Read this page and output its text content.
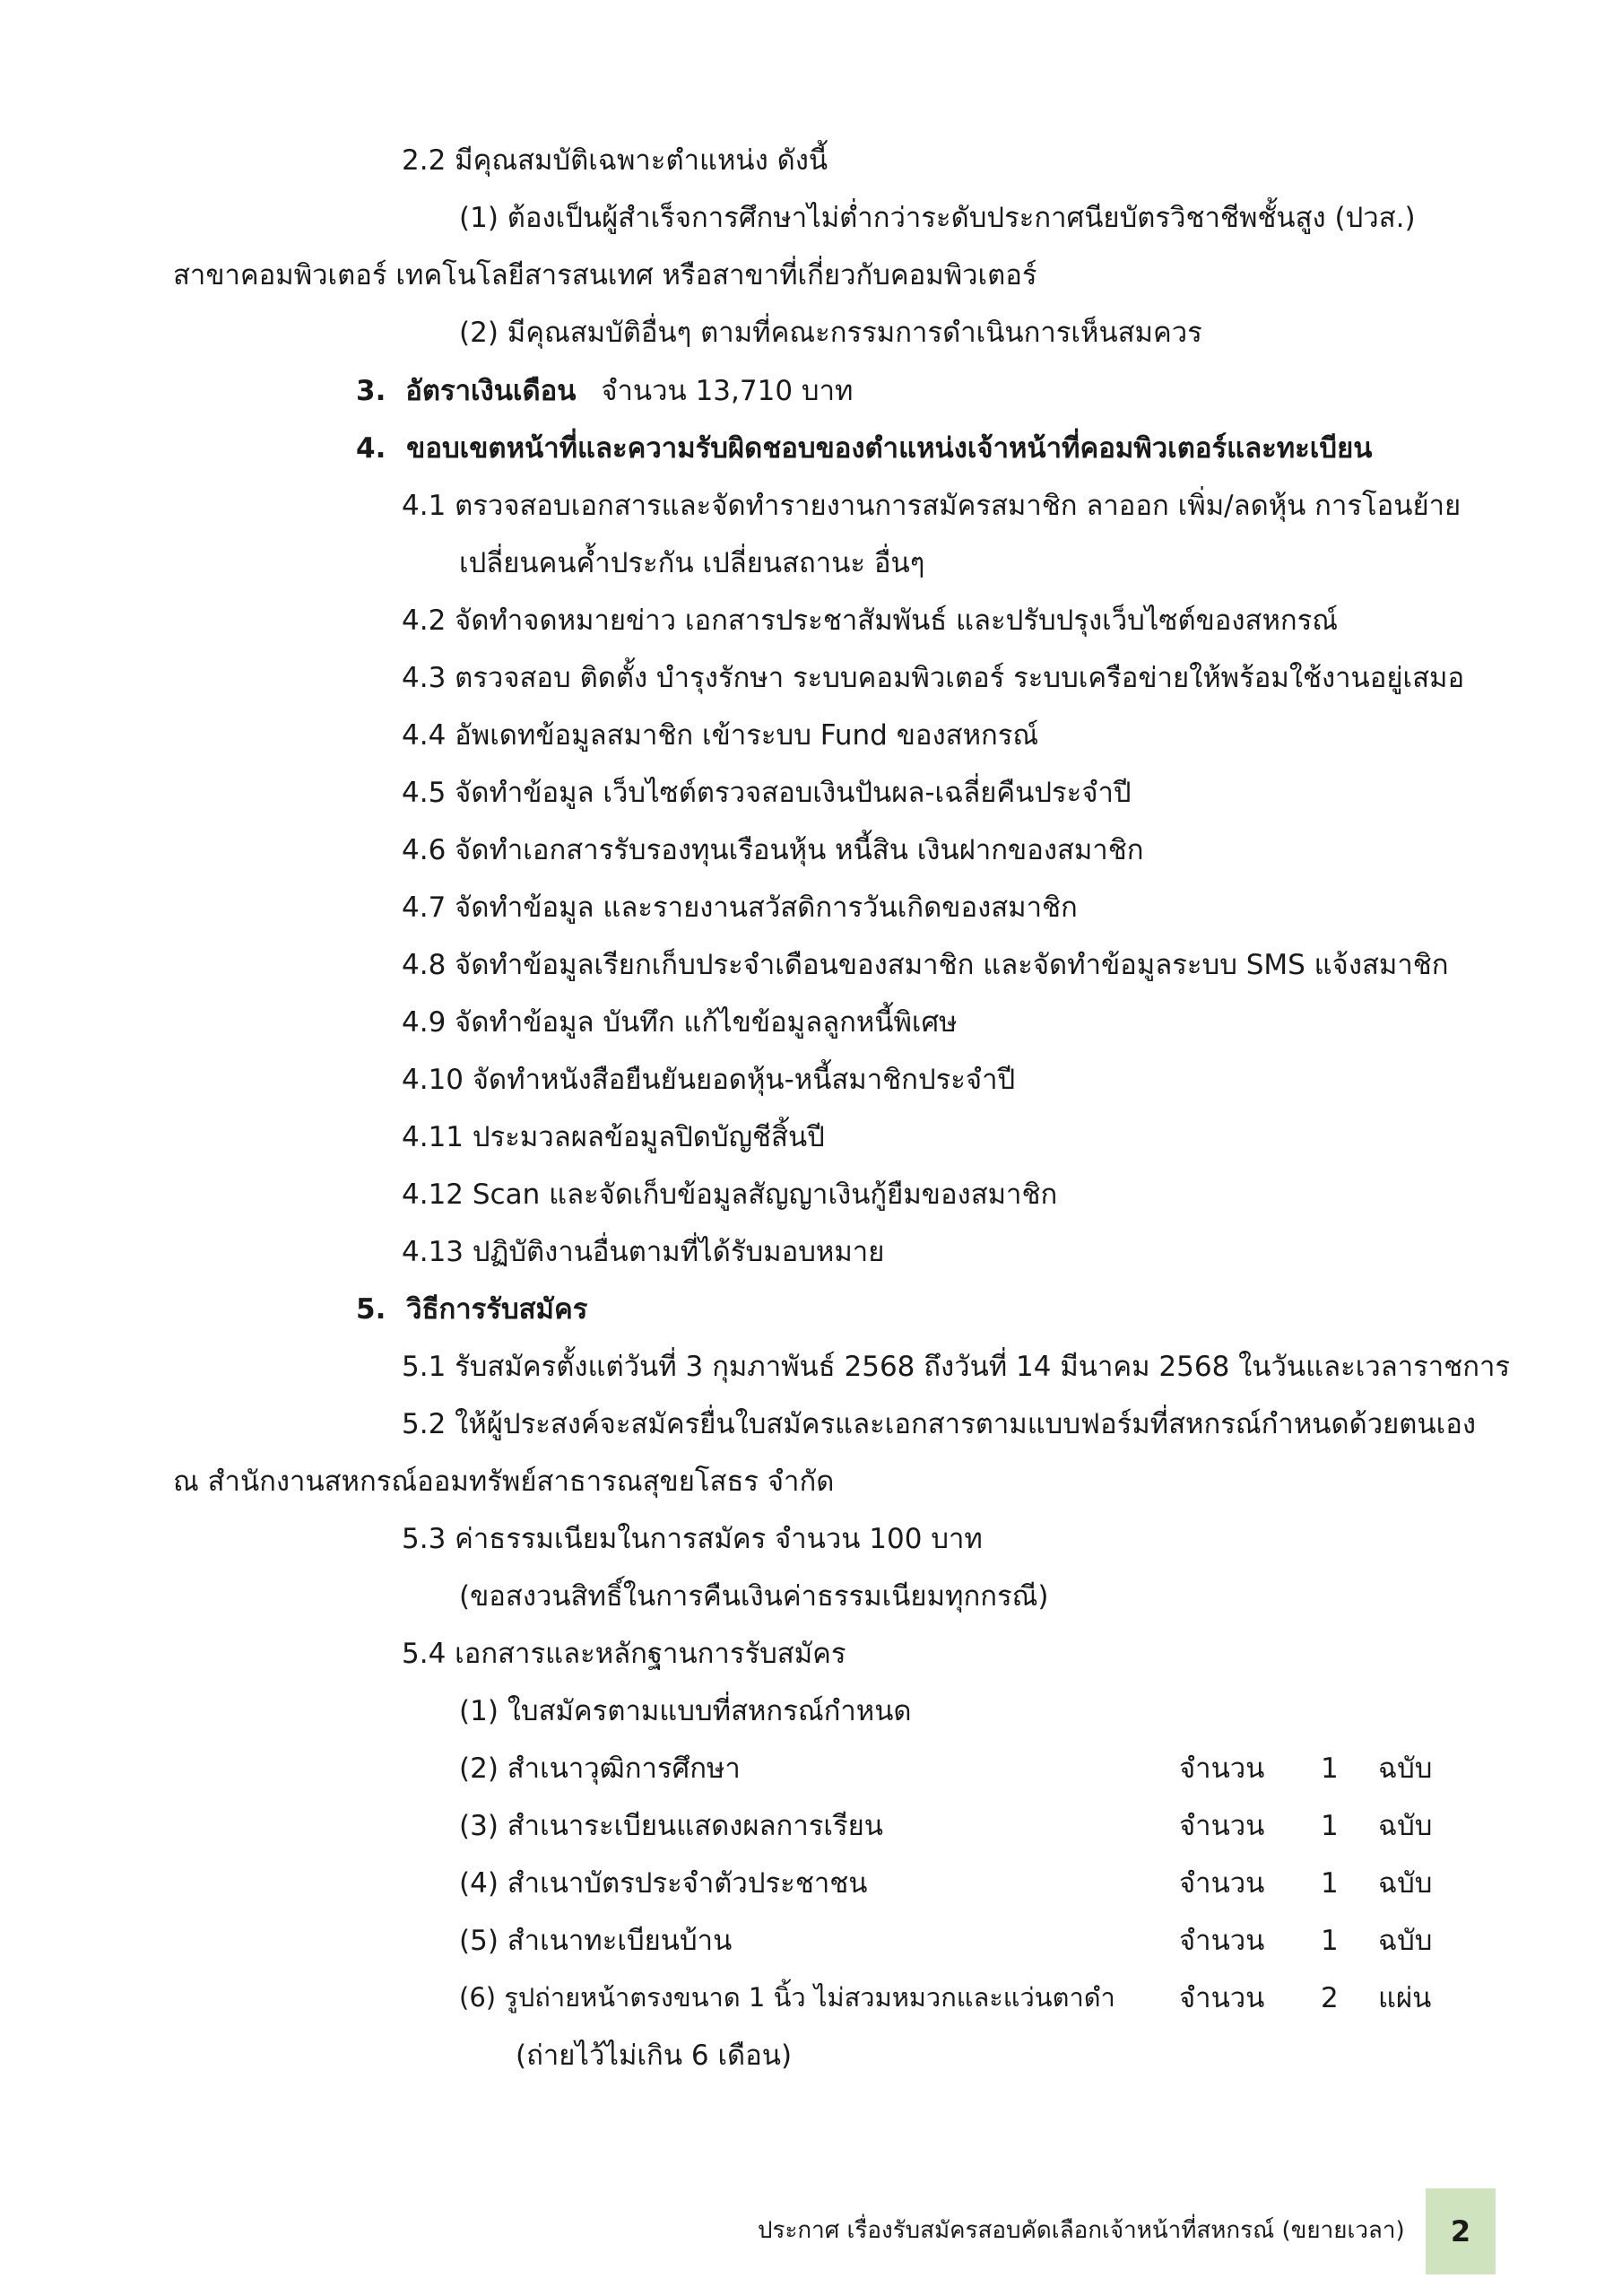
2.2 มีคุณสมบัติเฉพาะตำแหน่ง ดังนี้
(1) ต้องเป็นผู้สำเร็จการศึกษาไม่ต่ำกว่าระดับประกาศนียบัตรวิชาชีพชั้นสูง (ปวส.)
สาขาคอมพิวเตอร์ เทคโนโลยีสารสนเทศ หรือสาขาที่เกี่ยวกับคอมพิวเตอร์
(2) มีคุณสมบัติอื่นๆ ตามที่คณะกรรมการดำเนินการเห็นสมควร
3. อัตราเงินเดือน จำนวน 13,710 บาท
4. ขอบเขตหน้าที่และความรับผิดชอบของตำแหน่งเจ้าหน้าที่คอมพิวเตอร์และทะเบียน
4.1 ตรวจสอบเอกสารและจัดทำรายงานการสมัครสมาชิก ลาออก เพิ่ม/ลดหุ้น การโอนย้าย
เปลี่ยนคนค้ำประกัน เปลี่ยนสถานะ อื่นๆ
4.2 จัดทำจดหมายข่าว เอกสารประชาสัมพันธ์ และปรับปรุงเว็บไซต์ของสหกรณ์
4.3 ตรวจสอบ ติดตั้ง บำรุงรักษา ระบบคอมพิวเตอร์ ระบบเครือข่ายให้พร้อมใช้งานอยู่เสมอ
4.4 อัพเดทข้อมูลสมาชิก เข้าระบบ Fund ของสหกรณ์
4.5 จัดทำข้อมูล เว็บไซต์ตรวจสอบเงินปันผล-เฉลี่ยคืนประจำปี
4.6 จัดทำเอกสารรับรองทุนเรือนหุ้น หนี้สิน เงินฝากของสมาชิก
4.7 จัดทำข้อมูล และรายงานสวัสดิการวันเกิดของสมาชิก
4.8 จัดทำข้อมูลเรียกเก็บประจำเดือนของสมาชิก และจัดทำข้อมูลระบบ SMS แจ้งสมาชิก
4.9 จัดทำข้อมูล บันทึก แก้ไขข้อมูลลูกหนี้พิเศษ
4.10 จัดทำหนังสือยืนยันยอดหุ้น-หนี้สมาชิกประจำปี
4.11 ประมวลผลข้อมูลปิดบัญชีสิ้นปี
4.12 Scan และจัดเก็บข้อมูลสัญญาเงินกู้ยืมของสมาชิก
4.13 ปฏิบัติงานอื่นตามที่ได้รับมอบหมาย
5. วิธีการรับสมัคร
5.1 รับสมัครตั้งแต่วันที่ 3 กุมภาพันธ์ 2568 ถึงวันที่ 14 มีนาคม 2568 ในวันและเวลาราชการ
5.2 ให้ผู้ประสงค์จะสมัครยื่นใบสมัครและเอกสารตามแบบฟอร์มที่สหกรณ์กำหนดด้วยตนเอง
ณ สำนักงานสหกรณ์ออมทรัพย์สาธารณสุขยโสธร จำกัด
5.3 ค่าธรรมเนียมในการสมัคร จำนวน 100 บาท
(ขอสงวนสิทธิ์ในการคืนเงินค่าธรรมเนียมทุกกรณี)
5.4 เอกสารและหลักฐานการรับสมัคร
(1) ใบสมัครตามแบบที่สหกรณ์กำหนด
(2) สำเนาวุฒิการศึกษา	จำนวน 1 ฉบับ
(3) สำเนาระเบียนแสดงผลการเรียน	จำนวน 1 ฉบับ
(4) สำเนาบัตรประจำตัวประชาชน	จำนวน 1 ฉบับ
(5) สำเนาทะเบียนบ้าน	จำนวน 1 ฉบับ
(6) รูปถ่ายหน้าตรงขนาด 1 นิ้ว ไม่สวมหมวกและแว่นตาดำ จำนวน 2 แผ่น
(ถ่ายไว้ไม่เกิน 6 เดือน)
ประกาศ เรื่องรับสมัครสอบคัดเลือกเจ้าหน้าที่สหกรณ์ (ขยายเวลา) 2
